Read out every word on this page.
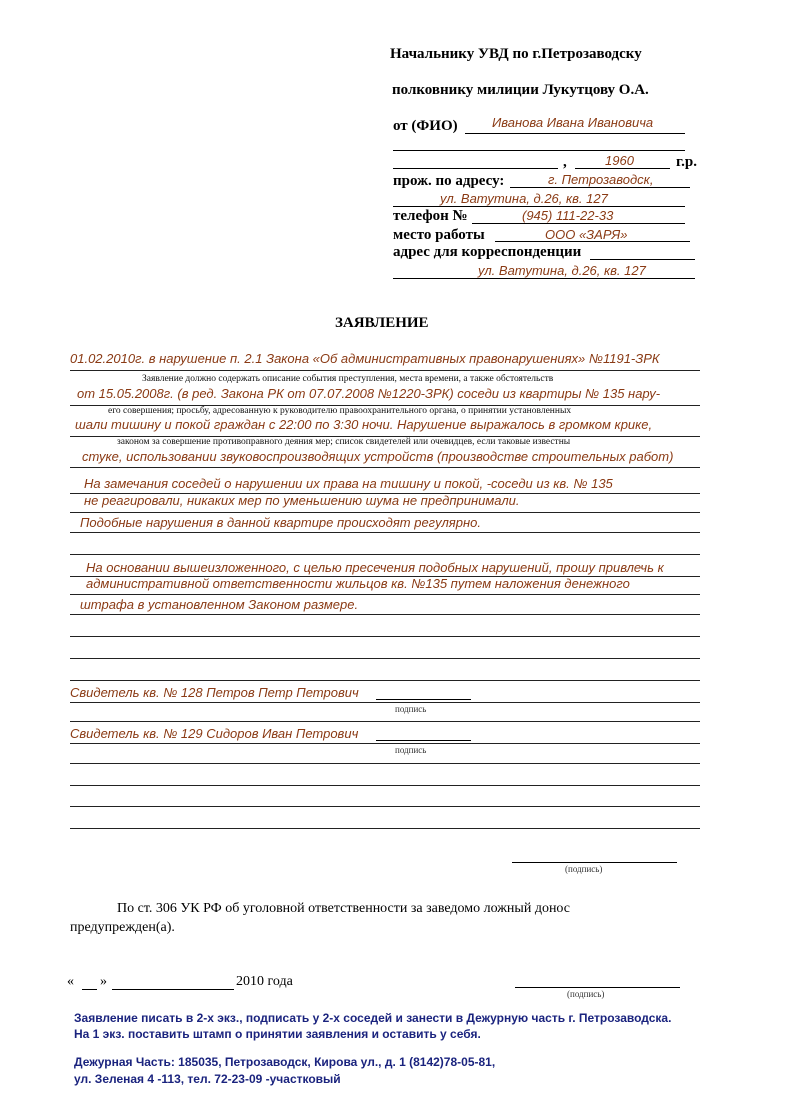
Начальнику УВД по г.Петрозаводску
полковнику милиции Лукутцову О.А.
от (ФИО)	Иванова Ивана Ивановича
,	1960	г.р.
прож. по адресу:	г. Петрозаводск,
ул. Ватутина, д.26, кв. 127
телефон №	(945) 111-22-33
место работы	ООО «ЗАРЯ»
адрес для корреспонденции
ул. Ватутина, д.26, кв. 127
ЗАЯВЛЕНИЕ
01.02.2010г. в нарушение п. 2.1 Закона «Об административных правонарушениях» №1191-ЗРК
Заявление должно содержать описание события преступления, места времени, а также обстоятельств
от 15.05.2008г. (в ред. Закона РК от 07.07.2008 №1220-ЗРК) соседи из квартиры № 135 нару-
его совершения; просьбу, адресованную к руководителю правоохранительного органа, о принятии установленных
шали тишину и покой граждан с 22:00 по 3:30 ночи. Нарушение выражалось в громком крике,
законом за совершение противоправного деяния мер; список свидетелей или очевидцев, если таковые известны
стуке, использовании звуковоспроизводящих устройств (производстве строительных работ)
На замечания соседей о нарушении их права на тишину и покой, -соседи из кв. № 135
не реагировали, никаких мер по уменьшению шума не предпринимали.
Подобные нарушения в данной квартире происходят регулярно.
На основании вышеизложенного, с целью пресечения подобных нарушений, прошу привлечь к
административной ответственности жильцов кв. №135 путем наложения денежного
штрафа в установленном Законом размере.
Свидетель кв. № 128 Петров Петр Петрович
подпись
Свидетель кв. № 129 Сидоров Иван Петрович
подпись
(подпись)
По ст. 306 УК РФ об уголовной ответственности за заведомо ложный донос
предупрежден(а).
« »	2010 года
(подпись)
Заявление писать в 2-х экз., подписать у 2-х соседей и занести в Дежурную часть г. Петрозаводска.
На 1 экз. поставить штамп о принятии заявления и оставить у себя.
Дежурная Часть: 185035, Петрозаводск, Кирова ул., д. 1 (8142)78-05-81,
ул. Зеленая 4 -113, тел. 72-23-09 -участковый
